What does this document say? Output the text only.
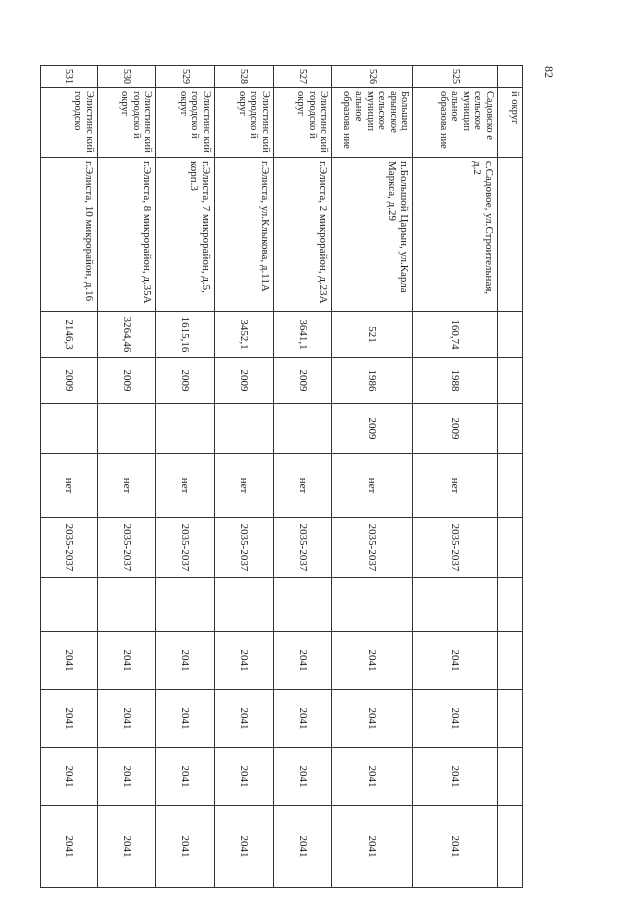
82
	й округ											
525	Садовско е сельское муницип альное образова ние	с.Садовое, ул.Строительная, д.2	160,74	1988	2009	нет	2035-2037		2041	2041	2041	2041
526	Большец арынское сельское муницип альное образова ние	п.Большой Царын, ул.Карла Маркса, д.29	521	1986	2009	нет	2035-2037		2041	2041	2041	2041
527	Элистинс кий городско й округ	г.Элиста, 2 микрорайон, д.23А	3641,1	2009		нет	2035-2037		2041	2041	2041	2041
528	Элистинс кий городско й округ	г.Элиста, ул.Клыкова, д.11А	3452,1	2009		нет	2035-2037		2041	2041	2041	2041
529	Элистинс кий городско й округ	г.Элиста, 7 микрорайон, д.5, корп.3	1615,16	2009		нет	2035-2037		2041	2041	2041	2041
530	Элистинс кий городско й округ	г.Элиста, 8 микрорайон, д.35А	3264,46	2009		нет	2035-2037		2041	2041	2041	2041
531	Элистинс кий городско	г.Элиста, 10 микрорайон, д.16	2146,3	2009		нет	2035-2037		2041	2041	2041	2041
